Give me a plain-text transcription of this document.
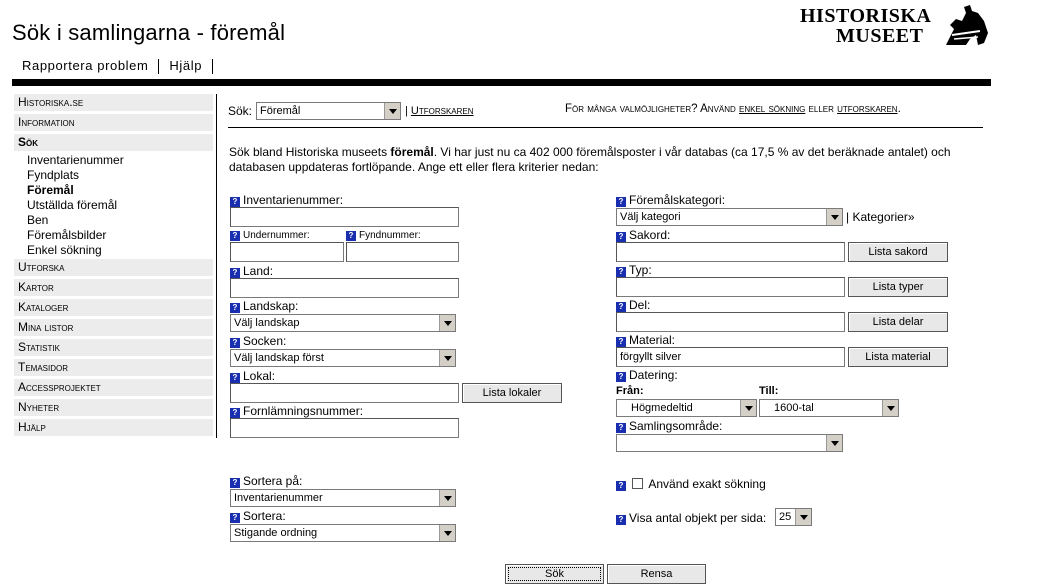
Sök i samlingarna - föremål
HISTORISKA
MUSEET
Rapportera problem Hjälp
Historiska.se
Information
Sök
Inventarienummer
Fyndplats
Föremål
Utställda föremål
Ben
Föremålsbilder
Enkel sökning
Utforska
Kartor
Kataloger
Mina listor
Statistik
Temasidor
Accessprojektet
Nyheter
Hjälp
Sök: Föremål	| Utforskaren	För många valmöjligheter? Använd enkel sökning eller utforskaren.
Sök bland Historiska museets föremål. Vi har just nu ca 402 000 föremålsposter i vår databas (ca 17,5 % av det beräknade antalet) och
databasen uppdateras fortlöpande. Ange ett eller flera kriterier nedan:
? Inventarienummer:
? Undernummer:	? Fyndnummer:
? Land:
? Landskap:
Välj landskap
? Socken:
Välj landskap först
? Lokal:
Lista lokaler
? Fornlämningsnummer:
? Sortera på:
Inventarienummer
? Sortera:
Stigande ordning
? Föremålskategori:
Välj kategori	| Kategorier»
? Sakord:
Lista sakord
? Typ:
Lista typer
? Del:
Lista delar
? Material:
förgyllt silver	Lista material
? Datering:
Från:	Till:
Högmedeltid	1600-tal
? Samlingsområde:
? Använd exakt sökning
? Visa antal objekt per sida:	25
Sök	Rensa
